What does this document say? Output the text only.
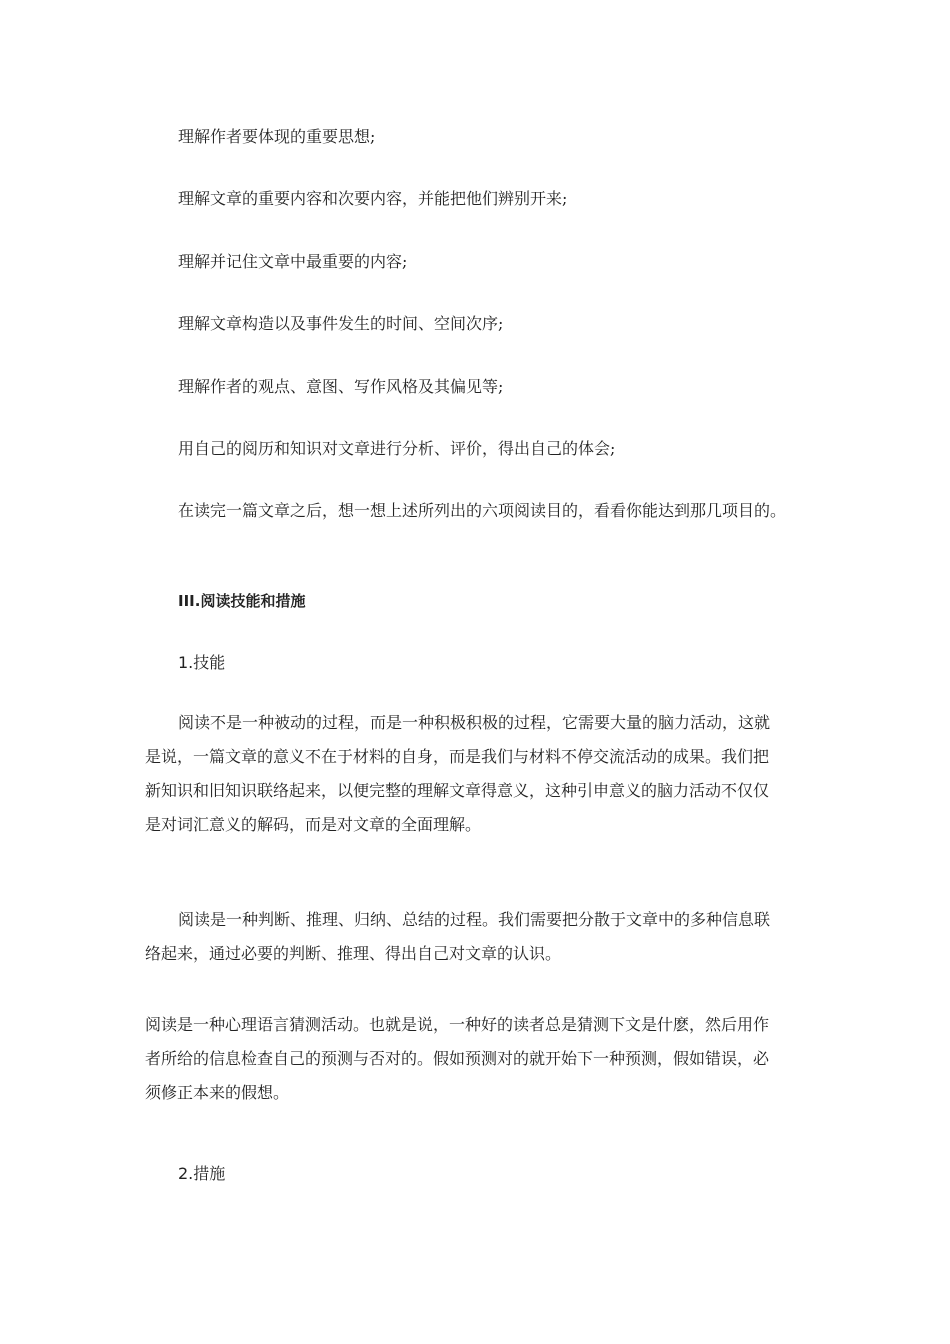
理解作者要体现的重要思想;
理解文章的重要内容和次要内容，并能把他们辨别开来;
理解并记住文章中最重要的内容;
理解文章构造以及事件发生的时间、空间次序;
理解作者的观点、意图、写作风格及其偏见等;
用自己的阅历和知识对文章进行分析、评价，得出自己的体会;
在读完一篇文章之后，想一想上述所列出的六项阅读目的，看看你能达到那几项目的。
III.阅读技能和措施
1.技能
阅读不是一种被动的过程，而是一种积极积极的过程，它需要大量的脑力活动，这就
是说，一篇文章的意义不在于材料的自身，而是我们与材料不停交流活动的成果。我们把
新知识和旧知识联络起来，以便完整的理解文章得意义，这种引申意义的脑力活动不仅仅
是对词汇意义的解码，而是对文章的全面理解。
阅读是一种判断、推理、归纳、总结的过程。我们需要把分散于文章中的多种信息联
络起来，通过必要的判断、推理、得出自己对文章的认识。
阅读是一种心理语言猜测活动。也就是说，一种好的读者总是猜测下文是什麽，然后用作
者所给的信息检查自己的预测与否对的。假如预测对的就开始下一种预测，假如错误，必
须修正本来的假想。
2.措施
